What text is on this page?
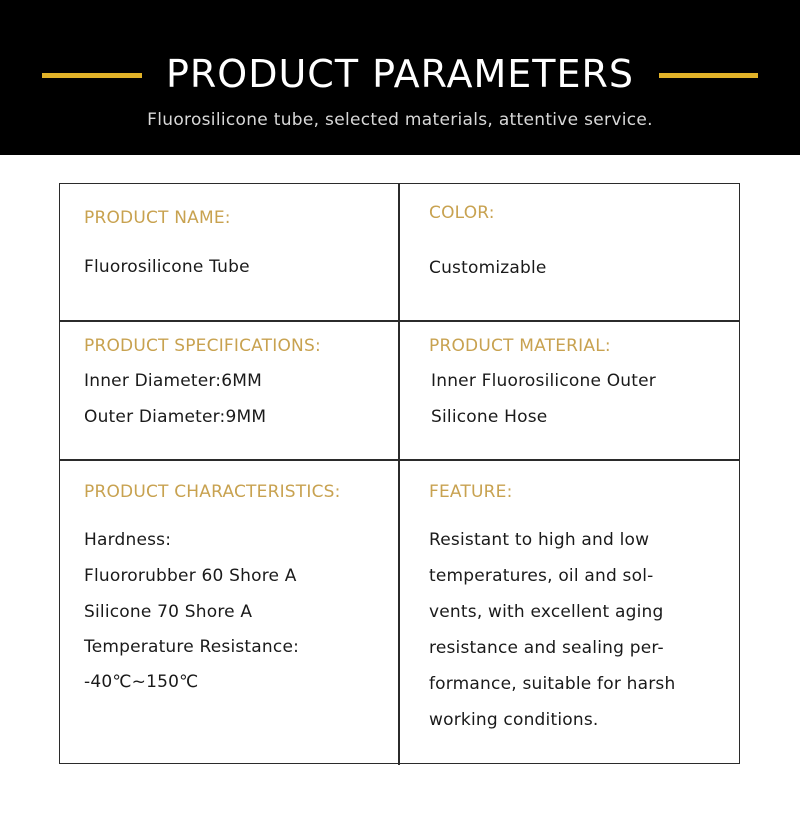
PRODUCT PARAMETERS
Fluorosilicone tube, selected materials, attentive service.
PRODUCT NAME:
Fluorosilicone Tube
COLOR:
Customizable
PRODUCT SPECIFICATIONS:
Inner Diameter:6MM
Outer Diameter:9MM
PRODUCT MATERIAL:
Inner Fluorosilicone Outer
Silicone Hose
PRODUCT CHARACTERISTICS:
Hardness:
Fluororubber 60 Shore A
Silicone 70 Shore A
Temperature Resistance:
-40℃~150℃
FEATURE:
Resistant to high and low
temperatures, oil and sol-
vents, with excellent aging
resistance and sealing per-
formance, suitable for harsh
working conditions.
